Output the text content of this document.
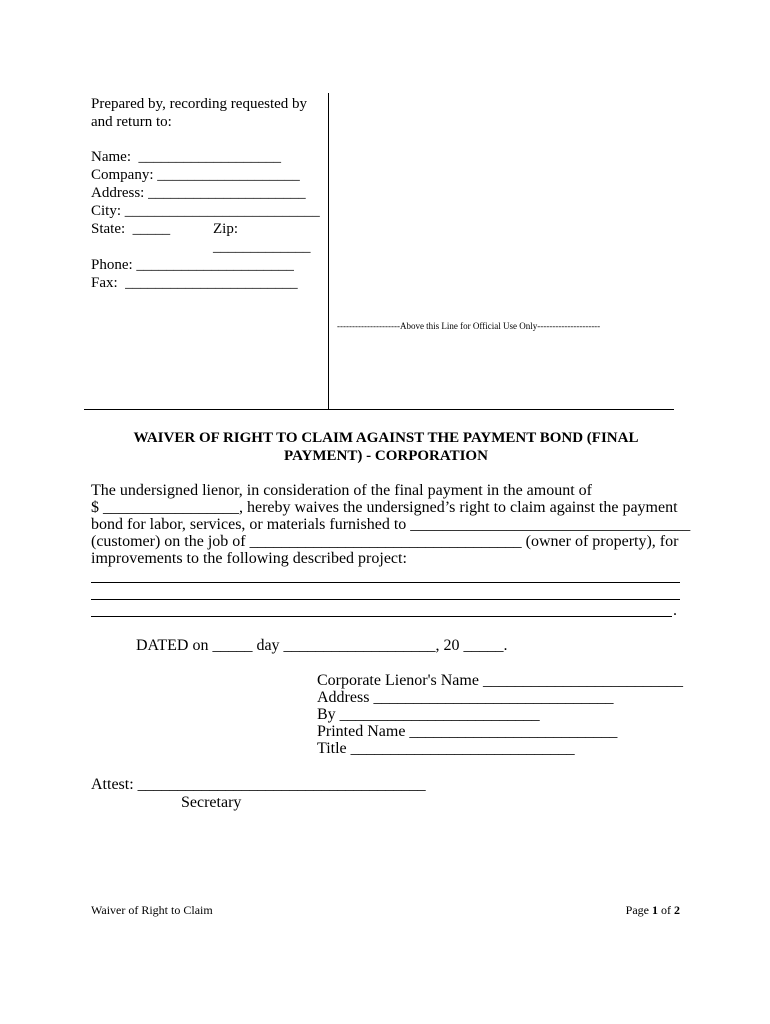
Prepared by, recording requested by
and return to:
Name:  ___________________
Company: ___________________
Address: _____________________
City: __________________________
State:  _____	Zip:
_____________
Phone: _____________________
Fax:  _______________________
---------------------Above this Line for Official Use Only---------------------
WAIVER OF RIGHT TO CLAIM AGAINST THE PAYMENT BOND (FINAL
PAYMENT) - CORPORATION
The undersigned lienor, in consideration of the final payment in the amount of
$ _________________, hereby waives the undersigned’s right to claim against the payment
bond for labor, services, or materials furnished to ___________________________________
(customer) on the job of __________________________________ (owner of property), for
improvements to the following described project:
.
DATED on _____ day ___________________, 20 _____.
Corporate Lienor's Name _________________________
Address ______________________________
By _________________________
Printed Name __________________________
Title ____________________________
Attest: ____________________________________
Secretary
Waiver of Right to Claim	Page 1 of 2
